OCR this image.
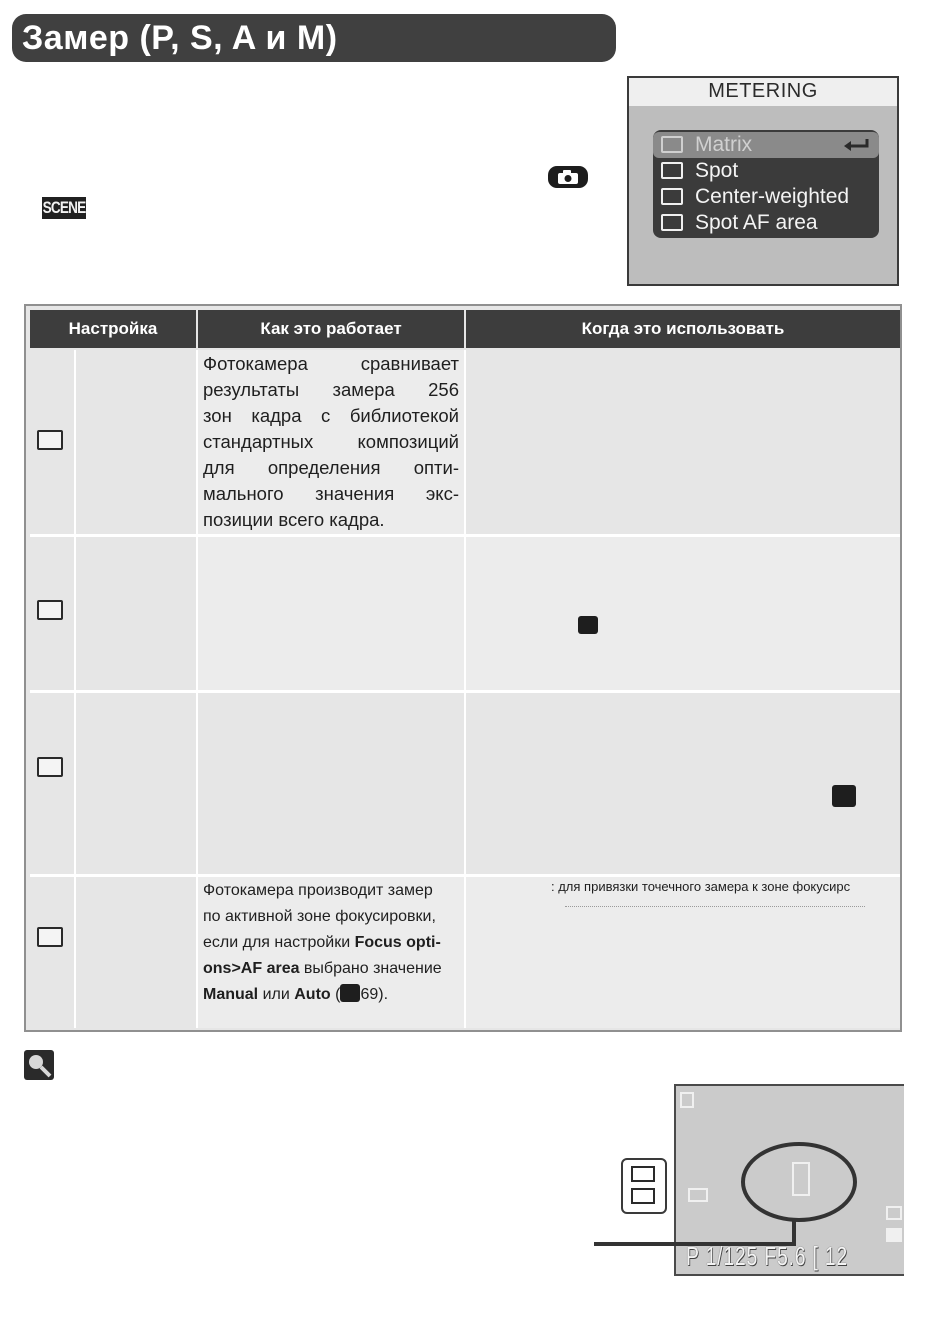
Замер (P, S, A и M)
SCENE
METERING
Matrix
Spot
Center-weighted
Spot AF area
Настройка	Как это работает	Когда это использовать
Фотокамера сравнивает
результаты замера 256
зон кадра с библиотекой
стандартных композиций
для определения опти-
мального значения экс-
позиции всего кадра.
Фотокамера производит замер
по активной зоне фокусировки,
если для настройки Focus opti-
ons>AF area выбрано значение
Manual или Auto ( 69).
: для привязки точечного замера к зоне фокусирс
P 1/125 F5.6 [ 12
